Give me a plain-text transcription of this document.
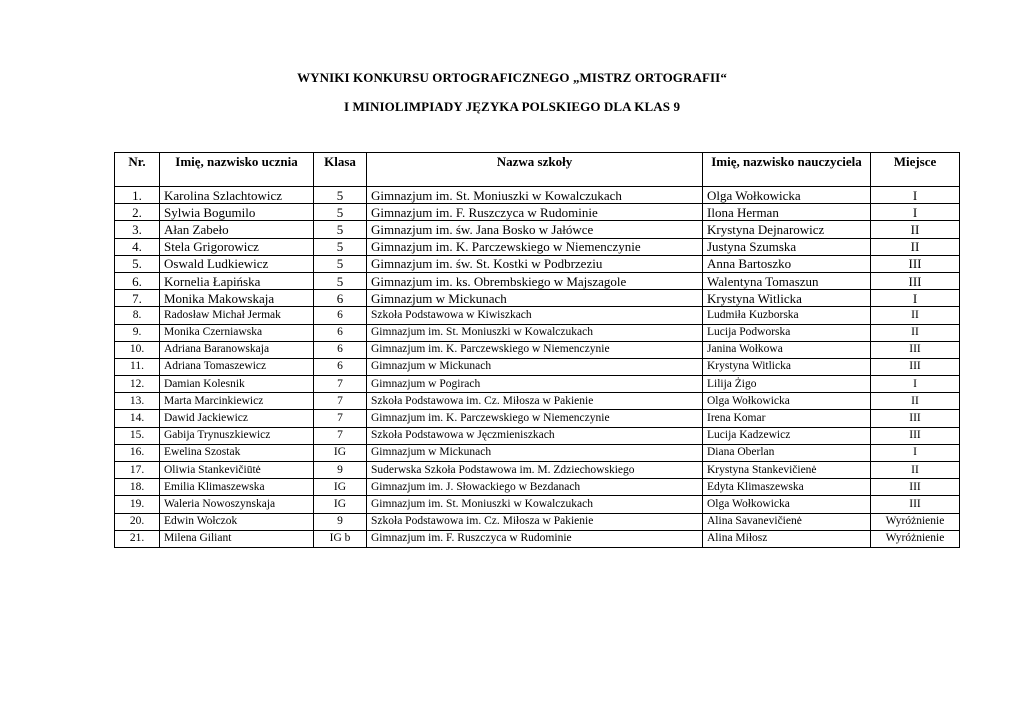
WYNIKI KONKURSU ORTOGRAFICZNEGO „MISTRZ ORTOGRAFII“
I MINIOLIMPIADY JĘZYKA POLSKIEGO DLA KLAS 9
Nr.	Imię, nazwisko ucznia	Klasa	Nazwa szkoły	Imię, nazwisko nauczyciela	Miejsce
1.	Karolina Szlachtowicz	5	Gimnazjum im. St. Moniuszki w Kowalczukach	Olga Wołkowicka	I
2.	Sylwia Bogumilo	5	Gimnazjum im. F. Ruszczyca w Rudominie	Ilona Herman	I
3.	Ałan Zabeło	5	Gimnazjum im. św. Jana Bosko w Jałówce	Krystyna Dejnarowicz	II
4.	Stela Grigorowicz	5	Gimnazjum im. K. Parczewskiego w Niemenczynie	Justyna Szumska	II
5.	Oswald Ludkiewicz	5	Gimnazjum im. św. St. Kostki w Podbrzeziu	Anna Bartoszko	III
6.	Kornelia Łapińska	5	Gimnazjum im. ks. Obrembskiego w Majszagole	Walentyna Tomaszun	III
7.	Monika Makowskaja	6	Gimnazjum w Mickunach	Krystyna Witlicka	I
8.	Radosław Michał Jermak	6	Szkoła Podstawowa w Kiwiszkach	Ludmiła Kuzborska	II
9.	Monika Czerniawska	6	Gimnazjum im. St. Moniuszki w Kowalczukach	Lucija Podworska	II
10.	Adriana Baranowskaja	6	Gimnazjum im. K. Parczewskiego w Niemenczynie	Janina Wołkowa	III
11.	Adriana Tomaszewicz	6	Gimnazjum w Mickunach	Krystyna Witlicka	III
12.	Damian Kolesnik	7	Gimnazjum w Pogirach	Lilija Żigo	I
13.	Marta Marcinkiewicz	7	Szkoła Podstawowa im. Cz. Miłosza w Pakienie	Olga Wołkowicka	II
14.	Dawid Jackiewicz	7	Gimnazjum im. K. Parczewskiego w Niemenczynie	Irena Komar	III
15.	Gabija Trynuszkiewicz	7	Szkoła Podstawowa w Jęczmieniszkach	Lucija Kadzewicz	III
16.	Ewelina Szostak	IG	Gimnazjum w Mickunach	Diana Oberlan	I
17.	Oliwia Stankevičiūtė	9	Suderwska Szkoła Podstawowa im. M. Zdziechowskiego	Krystyna Stankevičienė	II
18.	Emilia Klimaszewska	IG	Gimnazjum im. J. Słowackiego w Bezdanach	Edyta Klimaszewska	III
19.	Waleria Nowoszynskaja	IG	Gimnazjum im. St. Moniuszki w Kowalczukach	Olga Wołkowicka	III
20.	Edwin Wołczok	9	Szkoła Podstawowa im. Cz. Miłosza w Pakienie	Alina Savanevičienė	Wyróżnienie
21.	Milena Giliant	IG b	Gimnazjum im. F. Ruszczyca w Rudominie	Alina Miłosz	Wyróżnienie
